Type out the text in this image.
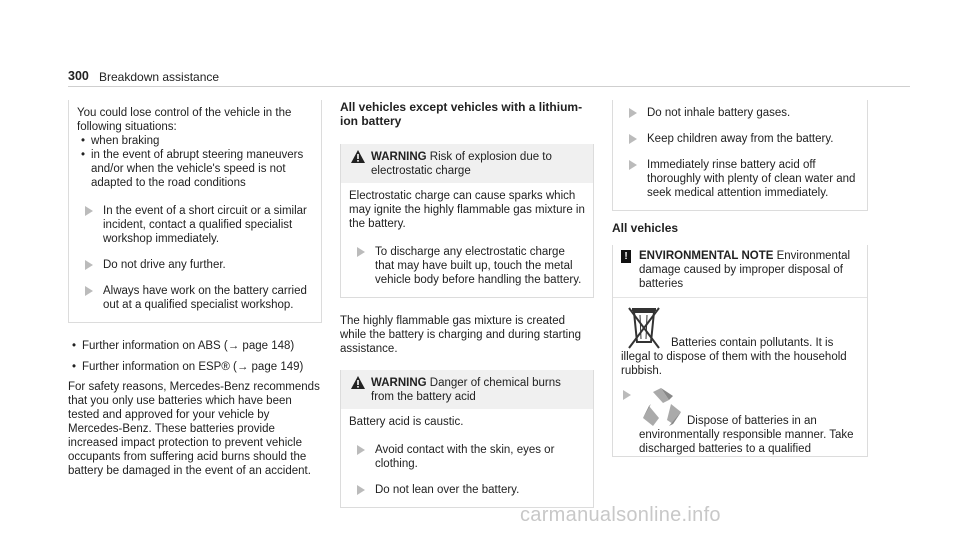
300 Breakdown assistance

You could lose control of the vehicle in the following situations:

• when braking

• in the event of abrupt steering maneuvers and/or when the vehicle's speed is not adapted to the road conditions

In the event of a short circuit or a similar incident, contact a qualified specialist workshop immediately.
Do not drive any further.
Always have work on the battery carried out at a qualified specialist workshop.

• Further information on ABS (→ page 148)

• Further information on ESP® (→ page 149)

For safety reasons, Mercedes-Benz recommends that you only use batteries which have been tested and approved for your vehicle by Mercedes-Benz. These batteries provide increased impact protection to prevent vehicle occupants from suffering acid burns should the battery be damaged in the event of an accident.

All vehicles except vehicles with a lithium-ion battery

WARNING Risk of explosion due to electrostatic charge

Electrostatic charge can cause sparks which may ignite the highly flammable gas mixture in the battery.

To discharge any electrostatic charge that may have built up, touch the metal vehicle body before handling the battery.

The highly flammable gas mixture is created while the battery is charging and during starting assistance.

WARNING Danger of chemical burns from the battery acid

Battery acid is caustic.

Avoid contact with the skin, eyes or clothing.
Do not lean over the battery.
Do not inhale battery gases.
Keep children away from the battery.
Immediately rinse battery acid off thoroughly with plenty of clean water and seek medical attention immediately.

All vehicles

! ENVIRONMENTAL NOTE Environmental damage caused by improper disposal of batteries

Batteries contain pollutants. It is illegal to dispose of them with the household rubbish.

Dispose of batteries in an environmentally responsible manner. Take discharged batteries to a qualified

carmanualsonline.info
